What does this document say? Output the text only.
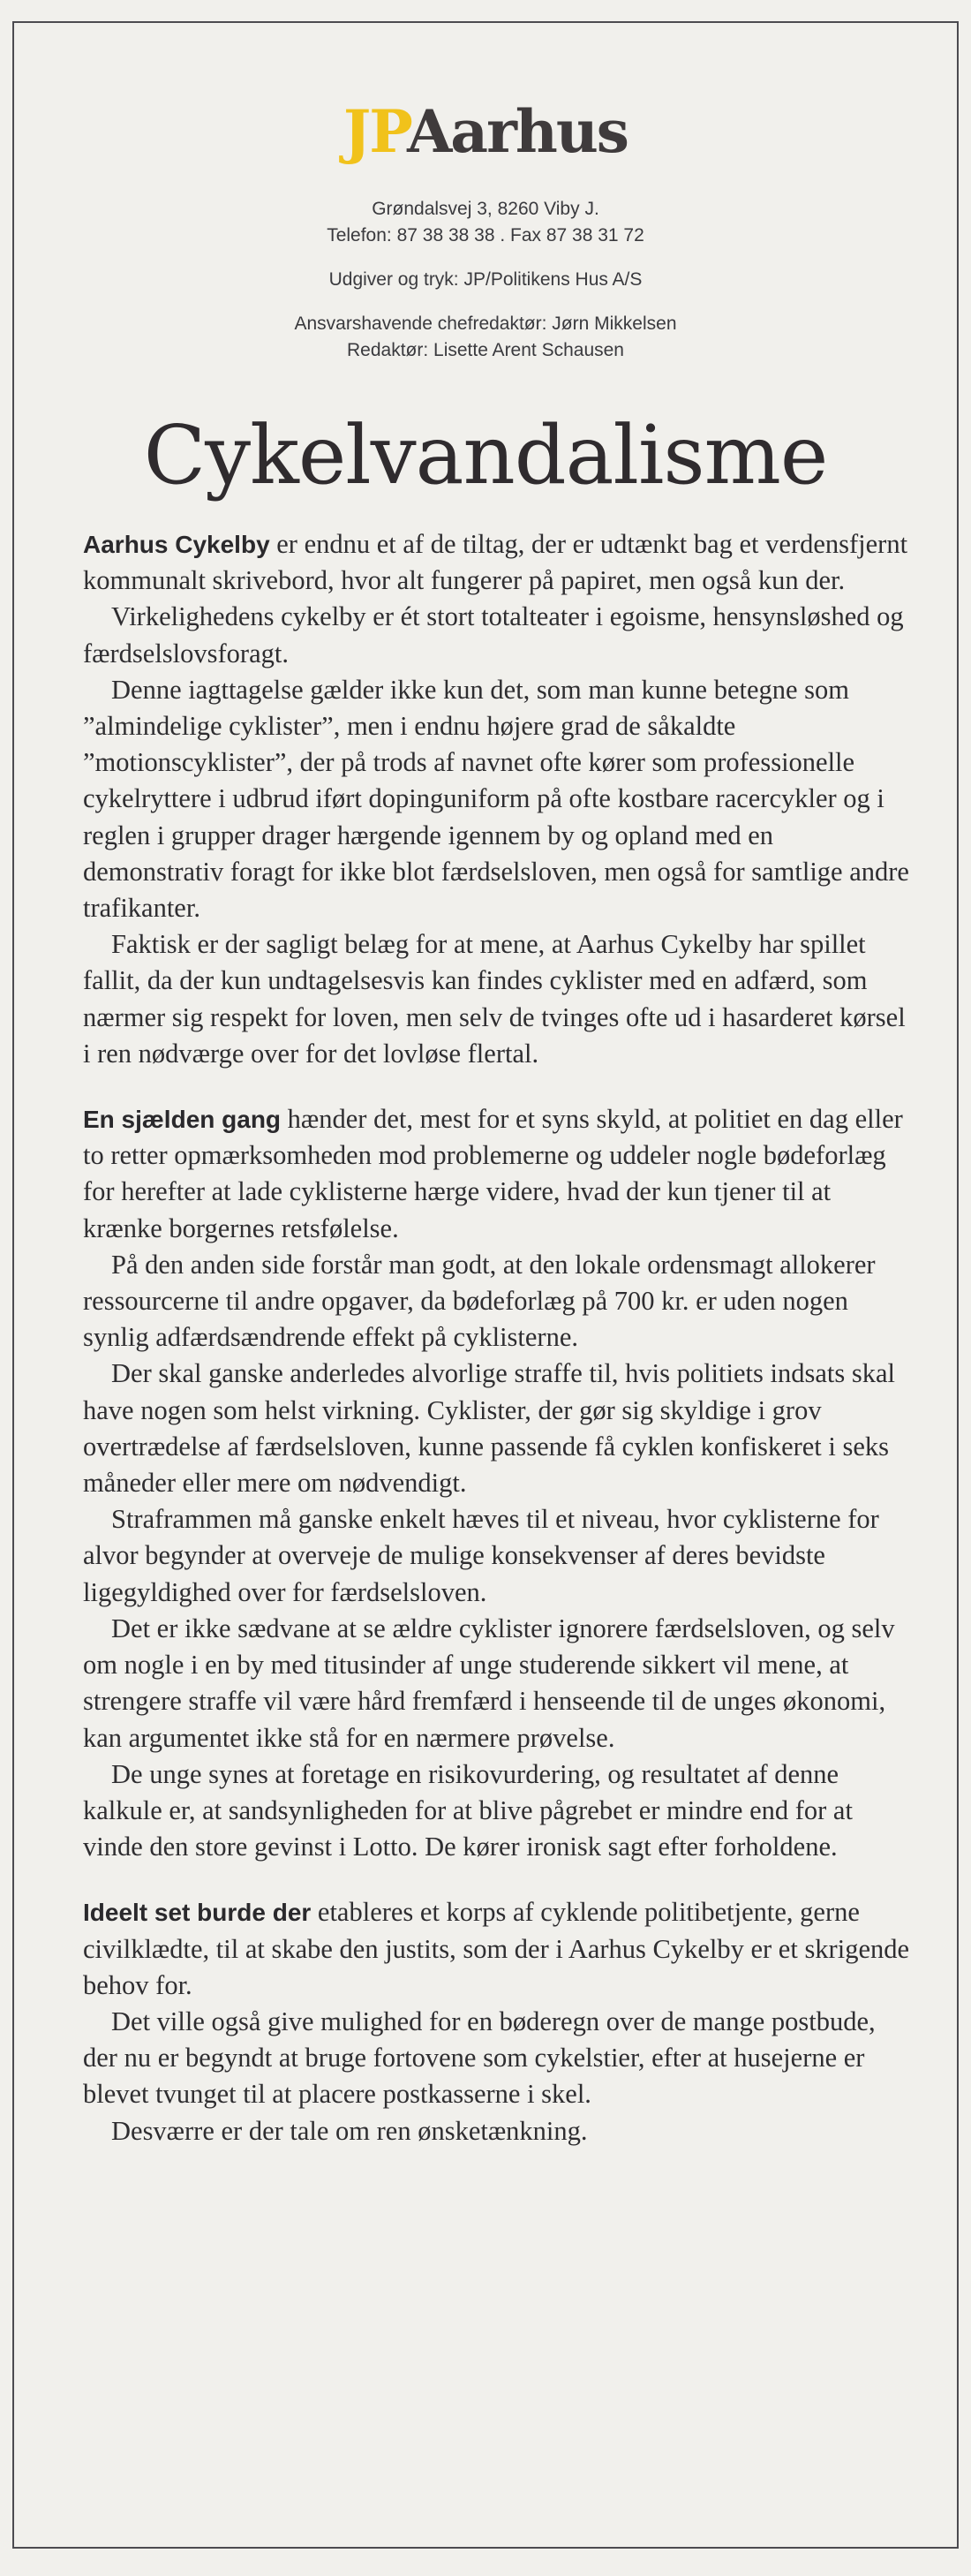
JPAarhus
Grøndalsvej 3, 8260 Viby J.
Telefon: 87 38 38 38 . Fax 87 38 31 72
Udgiver og tryk: JP/Politikens Hus A/S
Ansvarshavende chefredaktør: Jørn Mikkelsen
Redaktør: Lisette Arent Schausen
Cykelvandalisme

Aarhus Cykelby er endnu et af de tiltag, der er udtænkt bag et verdensfjernt kommunalt skrivebord, hvor alt fungerer på papiret, men også kun der.

Virkelighedens cykelby er ét stort totalteater i egoisme, hensynsløshed og færdselslovsforagt.

Denne iagttagelse gælder ikke kun det, som man kunne betegne som ”almindelige cyklister”, men i endnu højere grad de såkaldte ”motionscyklister”, der på trods af navnet ofte kører som professionelle cykelryttere i udbrud iført dopinguniform på ofte kostbare racercykler og i reglen i grupper drager hærgende igennem by og opland med en demonstrativ foragt for ikke blot færdselsloven, men også for samtlige andre trafikanter.

Faktisk er der sagligt belæg for at mene, at Aarhus Cykelby har spillet fallit, da der kun undtagelsesvis kan findes cyklister med en adfærd, som nærmer sig respekt for loven, men selv de tvinges ofte ud i hasarderet kørsel i ren nødværge over for det lovløse flertal.

En sjælden gang hænder det, mest for et syns skyld, at politiet en dag eller to retter opmærksomheden mod problemerne og uddeler nogle bødeforlæg for herefter at lade cyklisterne hærge videre, hvad der kun tjener til at krænke borgernes retsfølelse.

På den anden side forstår man godt, at den lokale ordensmagt allokerer ressourcerne til andre opgaver, da bødeforlæg på 700 kr. er uden nogen synlig adfærdsændrende effekt på cyklisterne.

Der skal ganske anderledes alvorlige straffe til, hvis politiets indsats skal have nogen som helst virkning. Cyklister, der gør sig skyldige i grov overtrædelse af færdselsloven, kunne passende få cyklen konfiskeret i seks måneder eller mere om nødvendigt.

Straframmen må ganske enkelt hæves til et niveau, hvor cyklisterne for alvor begynder at overveje de mulige konsekvenser af deres bevidste ligegyldighed over for færdselsloven.

Det er ikke sædvane at se ældre cyklister ignorere færdselsloven, og selv om nogle i en by med titusinder af unge studerende sikkert vil mene, at strengere straffe vil være hård fremfærd i henseende til de unges økonomi, kan argumentet ikke stå for en nærmere prøvelse.

De unge synes at foretage en risikovurdering, og resultatet af denne kalkule er, at sandsynligheden for at blive pågrebet er mindre end for at vinde den store gevinst i Lotto. De kører ironisk sagt efter forholdene.

Ideelt set burde der etableres et korps af cyklende politibetjente, gerne civilklædte, til at skabe den justits, som der i Aarhus Cykelby er et skrigende behov for.

Det ville også give mulighed for en bøderegn over de mange postbude, der nu er begyndt at bruge fortovene som cykelstier, efter at husejerne er blevet tvunget til at placere postkasserne i skel.

Desværre er der tale om ren ønsketænkning.
